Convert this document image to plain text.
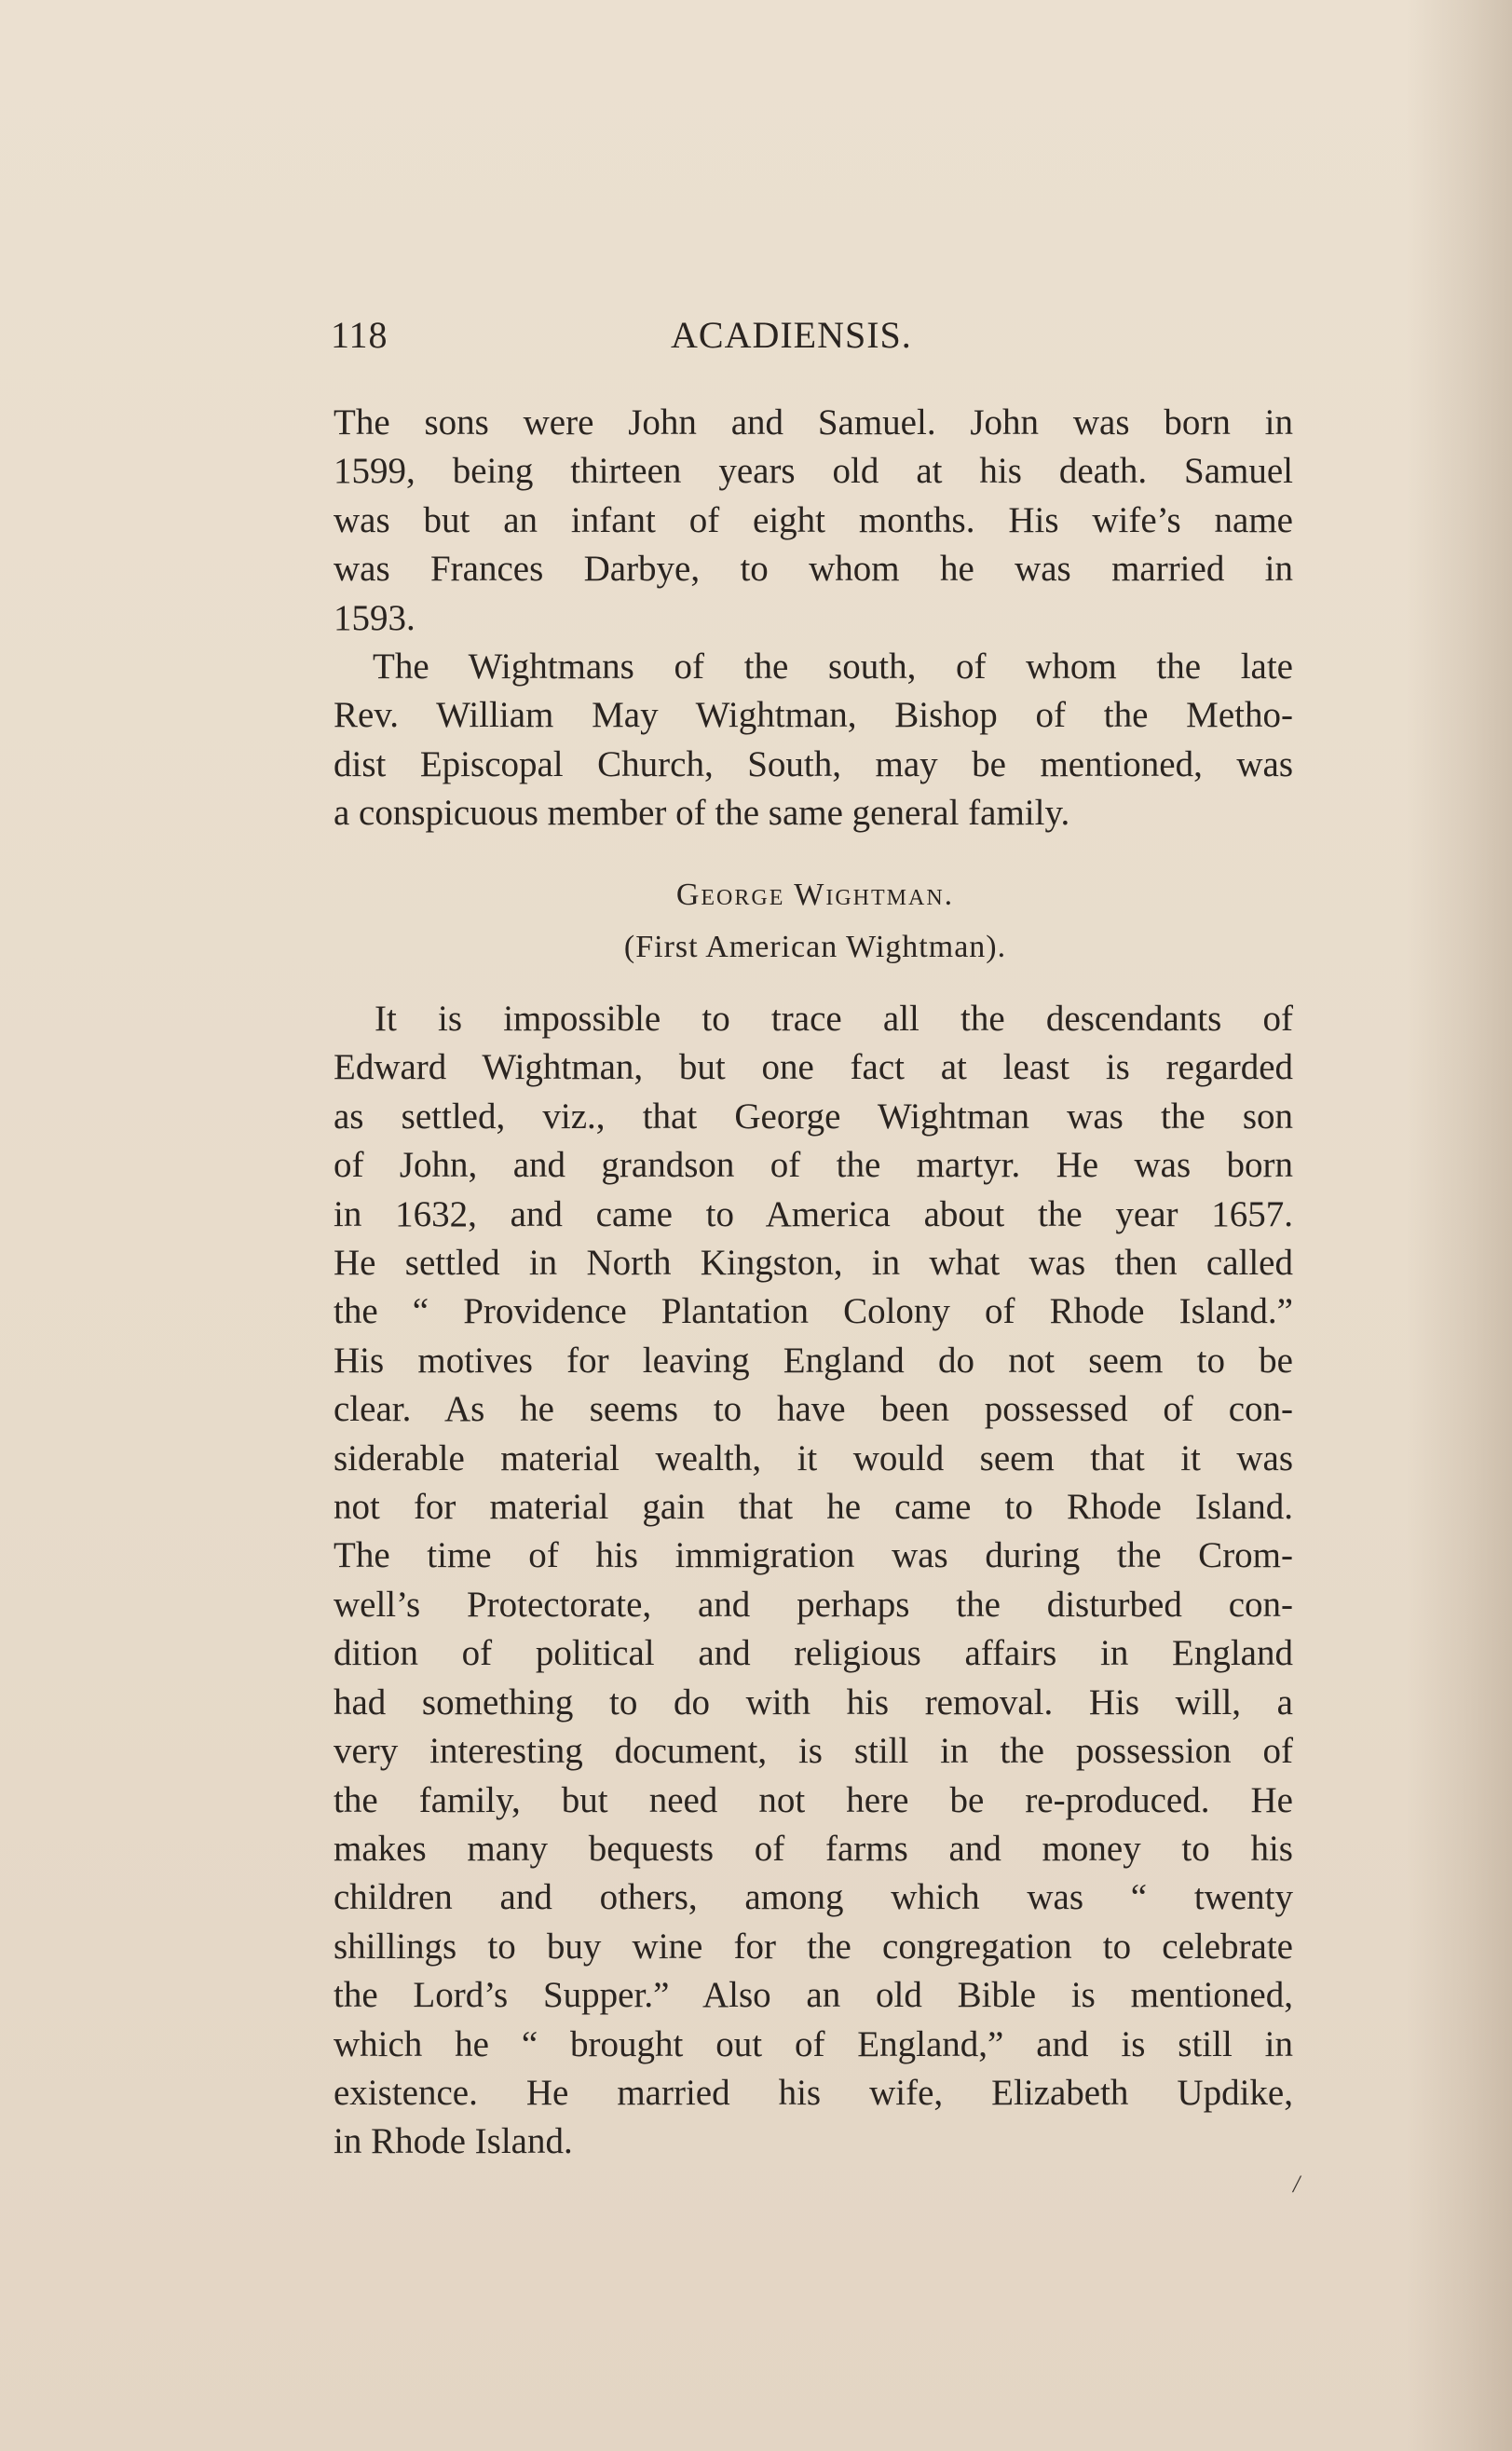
118	ACADIENSIS.
The sons were John and Samuel. John was born in
1599, being thirteen years old at his death. Samuel
was but an infant of eight months. His wife’s name
was Frances Darbye, to whom he was married in
1593.
The Wightmans of the south, of whom the late
Rev. William May Wightman, Bishop of the Metho-
dist Episcopal Church, South, may be mentioned, was
a conspicuous member of the same general family.
George Wightman.
(First American Wightman).
It is impossible to trace all the descendants of
Edward Wightman, but one fact at least is regarded
as settled, viz., that George Wightman was the son
of John, and grandson of the martyr. He was born
in 1632, and came to America about the year 1657.
He settled in North Kingston, in what was then called
the “ Providence Plantation Colony of Rhode Island.”
His motives for leaving England do not seem to be
clear. As he seems to have been possessed of con-
siderable material wealth, it would seem that it was
not for material gain that he came to Rhode Island.
The time of his immigration was during the Crom-
well’s Protectorate, and perhaps the disturbed con-
dition of political and religious affairs in England
had something to do with his removal. His will, a
very interesting document, is still in the possession of
the family, but need not here be re-produced. He
makes many bequests of farms and money to his
children and others, among which was “ twenty
shillings to buy wine for the congregation to celebrate
the Lord’s Supper.” Also an old Bible is mentioned,
which he “ brought out of England,” and is still in
existence. He married his wife, Elizabeth Updike,
in Rhode Island.
/
